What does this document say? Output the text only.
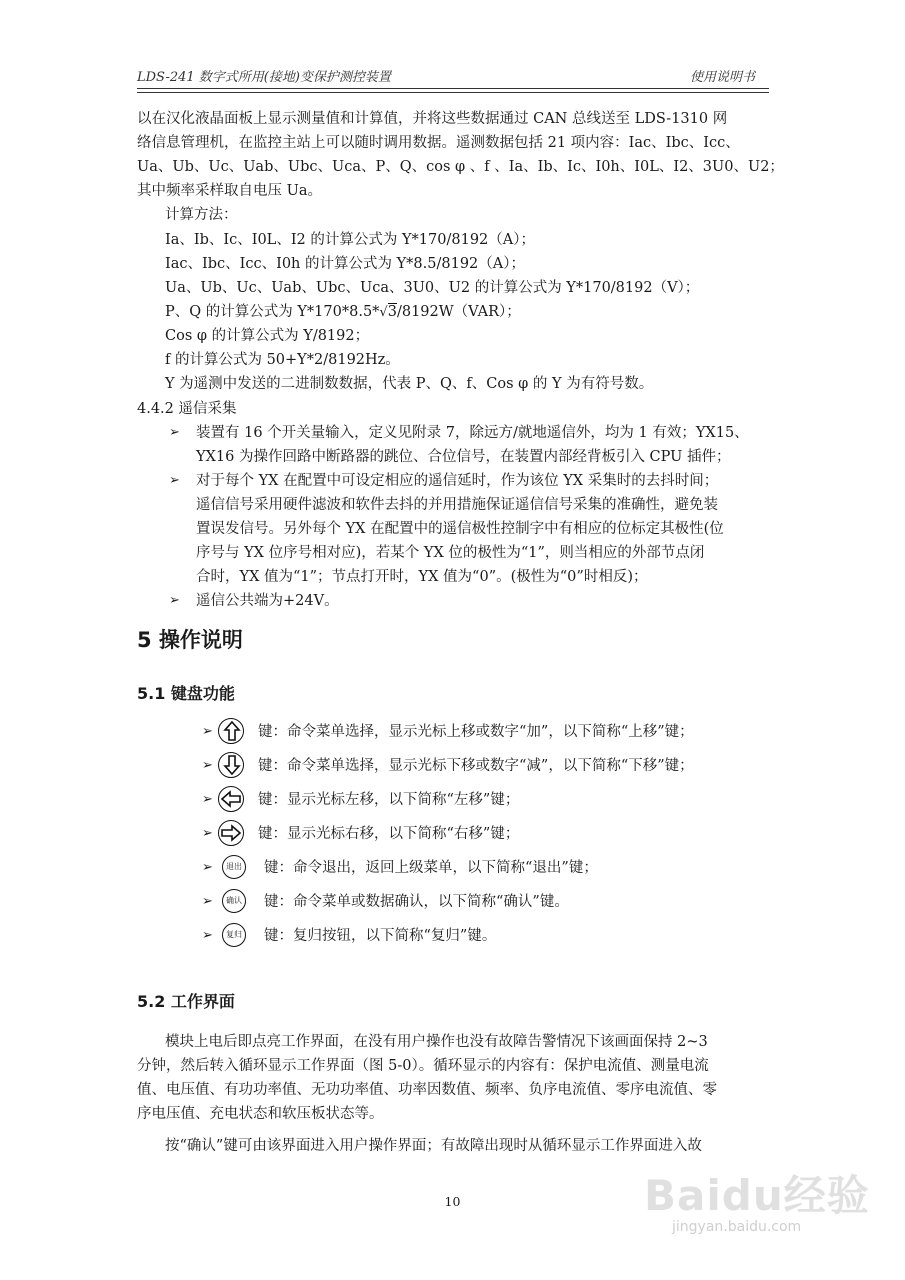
LDS-241 数字式所用(接地)变保护测控装置	使用说明书
以在汉化液晶面板上显示测量值和计算值，并将这些数据通过 CAN 总线送至 LDS-1310 网
络信息管理机，在监控主站上可以随时调用数据。遥测数据包括 21 项内容：Iac、Ibc、Icc、
Ua、Ub、Uc、Uab、Ubc、Uca、P、Q、cos φ 、f 、Ia、Ib、Ic、I0h、I0L、I2、3U0、U2；
其中频率采样取自电压 Ua。
计算方法：
Ia、Ib、Ic、I0L、I2 的计算公式为 Y*170/8192（A）；
Iac、Ibc、Icc、I0h 的计算公式为 Y*8.5/8192（A）；
Ua、Ub、Uc、Uab、Ubc、Uca、3U0、U2 的计算公式为 Y*170/8192（V）；
P、Q 的计算公式为 Y*170*8.5*√3/8192W（VAR）；
Cos φ 的计算公式为 Y/8192；
f 的计算公式为 50+Y*2/8192Hz。
Y 为遥测中发送的二进制数数据，代表 P、Q、f、Cos φ 的 Y 为有符号数。
4.4.2 遥信采集
➢ 装置有 16 个开关量输入，定义见附录 7，除远方/就地遥信外，均为 1 有效；YX15、
YX16 为操作回路中断路器的跳位、合位信号，在装置内部经背板引入 CPU 插件；
➢ 对于每个 YX 在配置中可设定相应的遥信延时，作为该位 YX 采集时的去抖时间；
遥信信号采用硬件滤波和软件去抖的并用措施保证遥信信号采集的准确性，避免装
置误发信号。另外每个 YX 在配置中的遥信极性控制字中有相应的位标定其极性(位
序号与 YX 位序号相对应)，若某个 YX 位的极性为“1”，则当相应的外部节点闭
合时，YX 值为“1”；节点打开时，YX 值为“0”。(极性为“0”时相反)；
➢ 遥信公共端为+24V。
5 操作说明
5.1 键盘功能
➢	键：命令菜单选择，显示光标上移或数字“加”，以下简称“上移”键；
➢	键：命令菜单选择，显示光标下移或数字“减”，以下简称“下移”键；
➢	键：显示光标左移，以下简称“左移”键；
➢	键：显示光标右移，以下简称“右移”键；
➢	退出 键：命令退出，返回上级菜单，以下简称“退出”键；
➢	确认 键：命令菜单或数据确认，以下简称“确认”键。
➢	复归 键：复归按钮，以下简称“复归”键。
5.2 工作界面
模块上电后即点亮工作界面，在没有用户操作也没有故障告警情况下该画面保持 2~3
分钟，然后转入循环显示工作界面（图 5-0）。循环显示的内容有：保护电流值、测量电流
值、电压值、有功功率值、无功功率值、功率因数值、频率、负序电流值、零序电流值、零
序电压值、充电状态和软压板状态等。
按“确认”键可由该界面进入用户操作界面；有故障出现时从循环显示工作界面进入故
10	Baidu经验
jingyan.baidu.com
